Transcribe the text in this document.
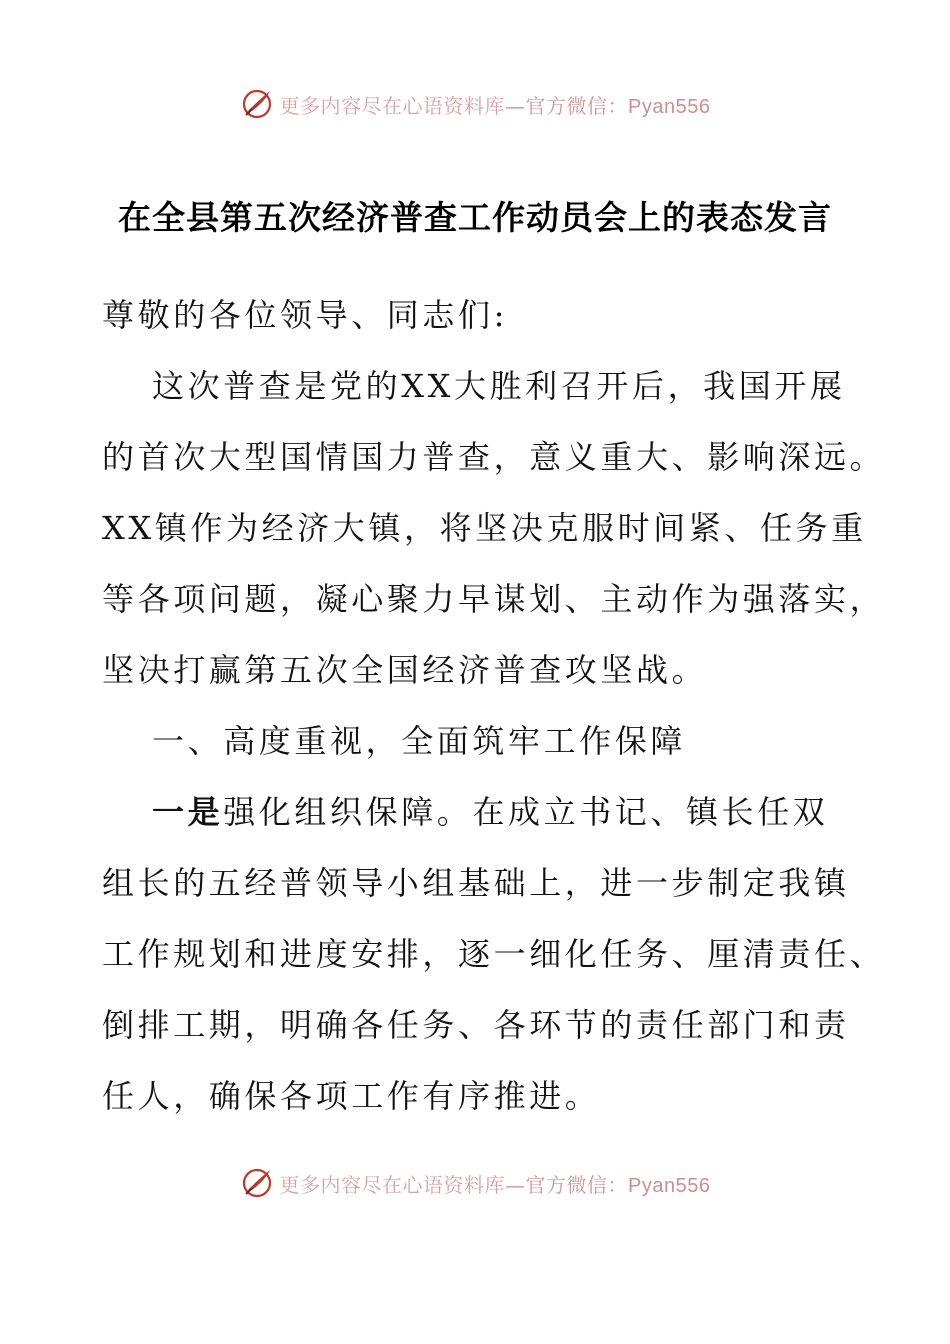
更多内容尽在心语资料库—官方微信：Pyan556
在全县第五次经济普查工作动员会上的表态发言
尊敬的各位领导、同志们:
这次普查是党的XX大胜利召开后，我国开展
的首次大型国情国力普查，意义重大、影响深远。
XX镇作为经济大镇，将坚决克服时间紧、任务重
等各项问题，凝心聚力早谋划、主动作为强落实，
坚决打赢第五次全国经济普查攻坚战。
一、高度重视，全面筑牢工作保障
一是强化组织保障。在成立书记、镇长任双
组长的五经普领导小组基础上，进一步制定我镇
工作规划和进度安排，逐一细化任务、厘清责任、
倒排工期，明确各任务、各环节的责任部门和责
任人，确保各项工作有序推进。
更多内容尽在心语资料库—官方微信：Pyan556
